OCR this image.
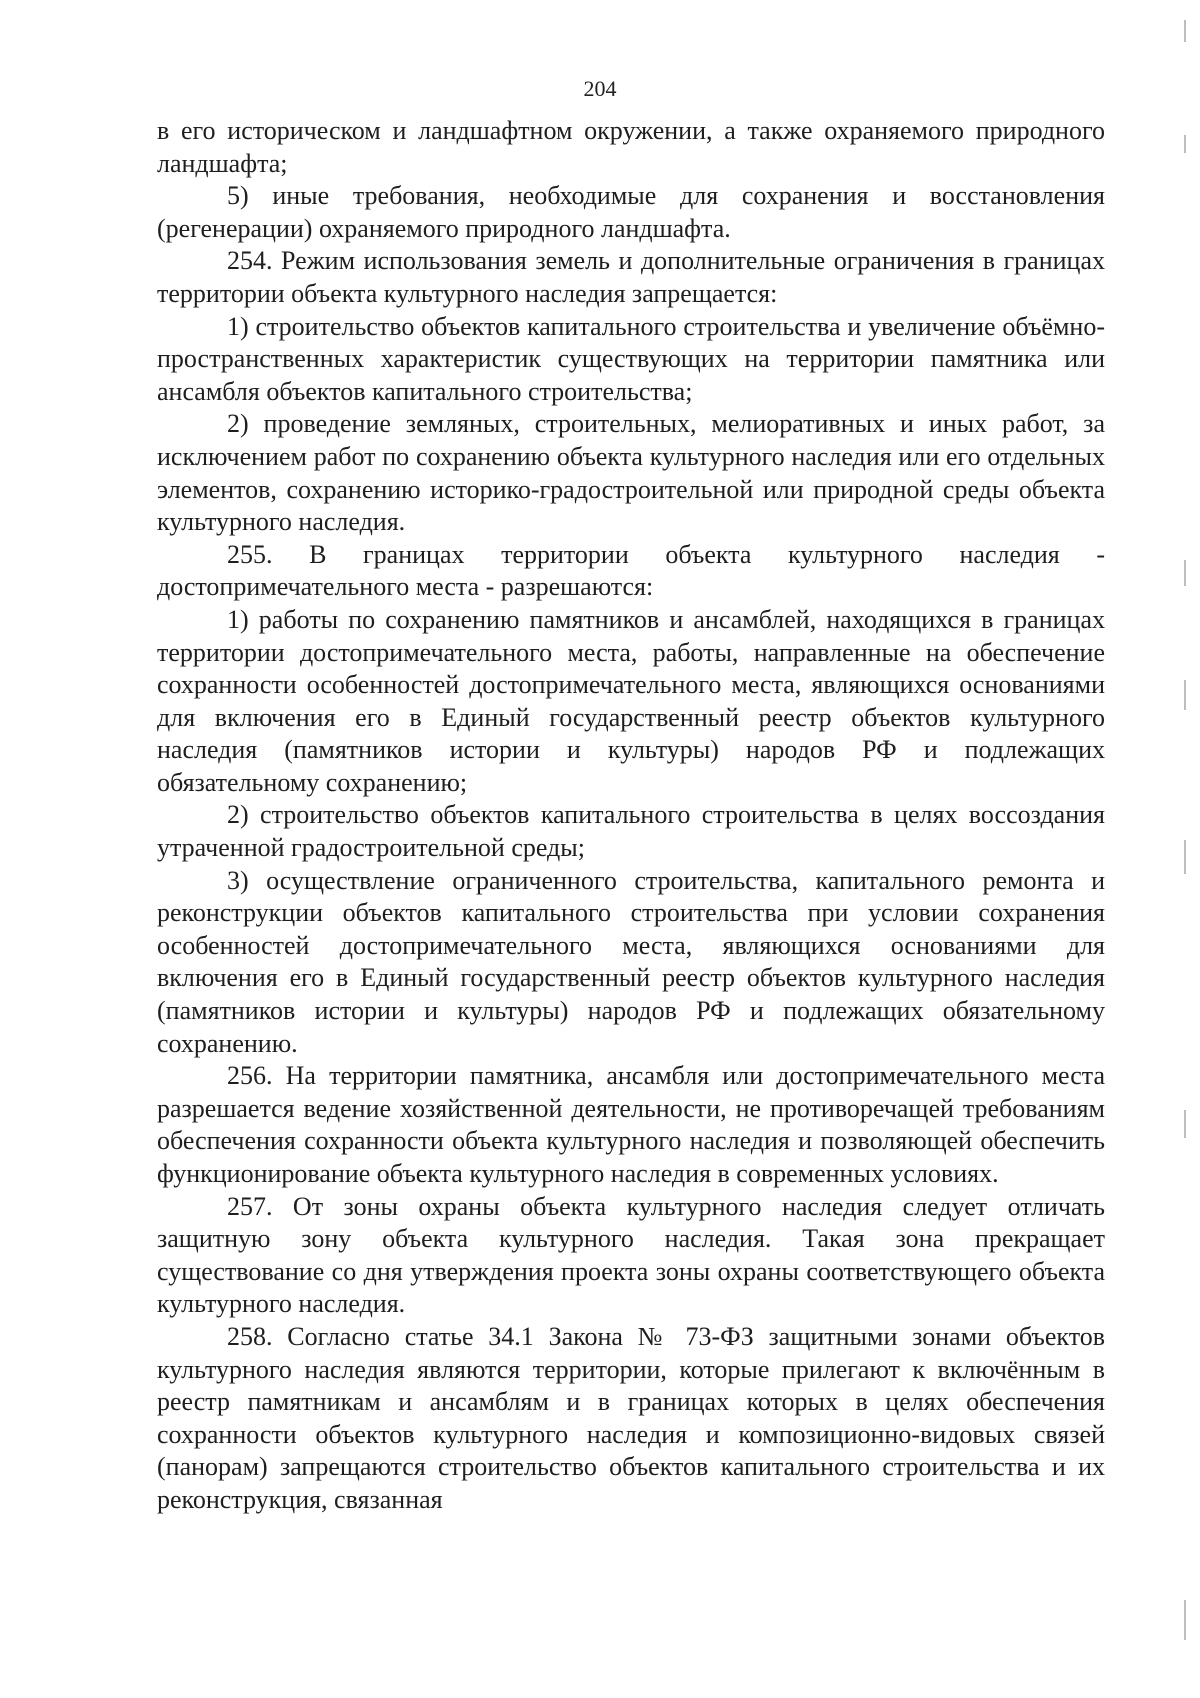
204

в его историческом и ландшафтном окружении, а также охраняемого природного ландшафта;

5) иные требования, необходимые для сохранения и восстановления (регенерации) охраняемого природного ландшафта.

254. Режим использования земель и дополнительные ограничения в границах территории объекта культурного наследия запрещается:

1) строительство объектов капитального строительства и увеличение объёмно-пространственных характеристик существующих на территории памятника или ансамбля объектов капитального строительства;

2) проведение земляных, строительных, мелиоративных и иных работ, за исключением работ по сохранению объекта культурного наследия или его отдельных элементов, сохранению историко-градостроительной или природной среды объекта культурного наследия.

255. В границах территории объекта культурного наследия - достопримечательного места - разрешаются:

1) работы по сохранению памятников и ансамблей, находящихся в границах территории достопримечательного места, работы, направленные на обеспечение сохранности особенностей достопримечательного места, являющихся основаниями для включения его в Единый государственный реестр объектов культурного наследия (памятников истории и культуры) народов РФ и подлежащих обязательному сохранению;

2) строительство объектов капитального строительства в целях воссоздания утраченной градостроительной среды;

3) осуществление ограниченного строительства, капитального ремонта и реконструкции объектов капитального строительства при условии сохранения особенностей достопримечательного места, являющихся основаниями для включения его в Единый государственный реестр объектов культурного наследия (памятников истории и культуры) народов РФ и подлежащих обязательному сохранению.

256. На территории памятника, ансамбля или достопримечательного места разрешается ведение хозяйственной деятельности, не противоречащей требованиям обеспечения сохранности объекта культурного наследия и позволяющей обеспечить функционирование объекта культурного наследия в современных условиях.

257. От зоны охраны объекта культурного наследия следует отличать защитную зону объекта культурного наследия. Такая зона прекращает существование со дня утверждения проекта зоны охраны соответствующего объекта культурного наследия.

258. Согласно статье 34.1 Закона № 73-ФЗ защитными зонами объектов культурного наследия являются территории, которые прилегают к включённым в реестр памятникам и ансамблям и в границах которых в целях обеспечения сохранности объектов культурного наследия и композиционно-видовых связей (панорам) запрещаются строительство объектов капитального строительства и их реконструкция, связанная
